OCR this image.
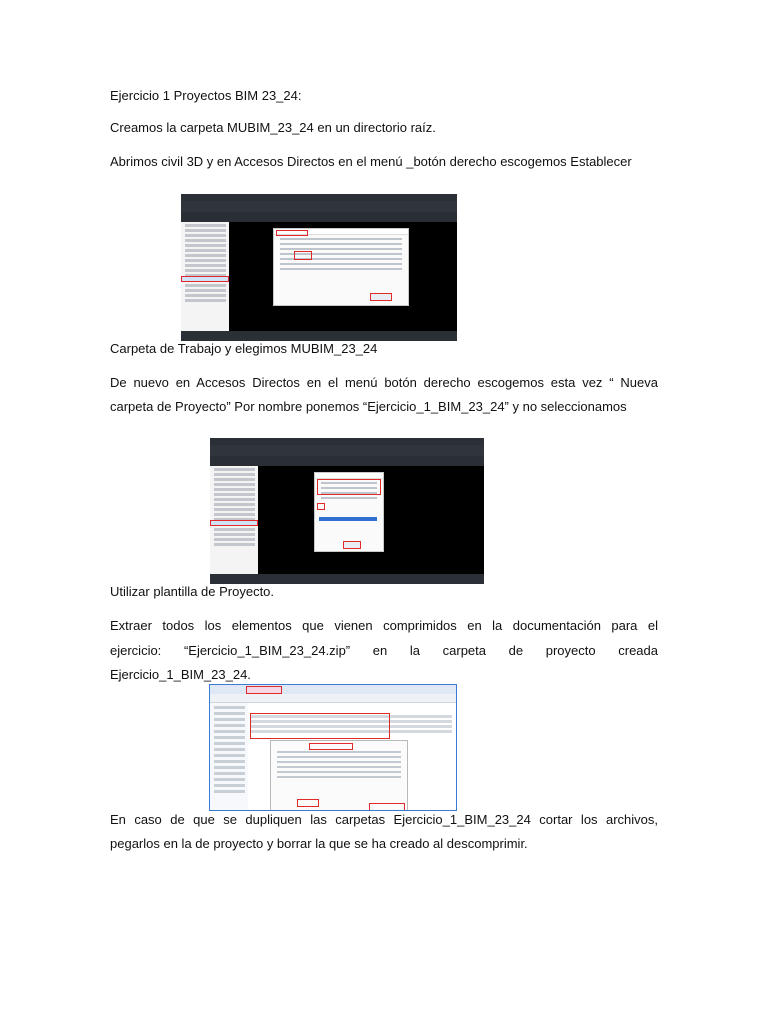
Ejercicio 1 Proyectos BIM 23_24:

Creamos la carpeta MUBIM_23_24 en un directorio raíz.

Abrimos civil 3D y en Accesos Directos en el menú _botón derecho escogemos Establecer

Carpeta de Trabajo y elegimos MUBIM_23_24

De nuevo en Accesos Directos en el menú botón derecho escogemos esta vez “ Nueva

carpeta de Proyecto” Por nombre ponemos “Ejercicio_1_BIM_23_24” y no seleccionamos

Utilizar plantilla de Proyecto.

Extraer todos los elementos que vienen comprimidos en la documentación para el

ejercicio: “Ejercicio_1_BIM_23_24.zip” en la carpeta de proyecto creada

Ejercicio_1_BIM_23_24.

En caso de que se dupliquen las carpetas Ejercicio_1_BIM_23_24 cortar los archivos,

pegarlos en la de proyecto y borrar la que se ha creado al descomprimir.
